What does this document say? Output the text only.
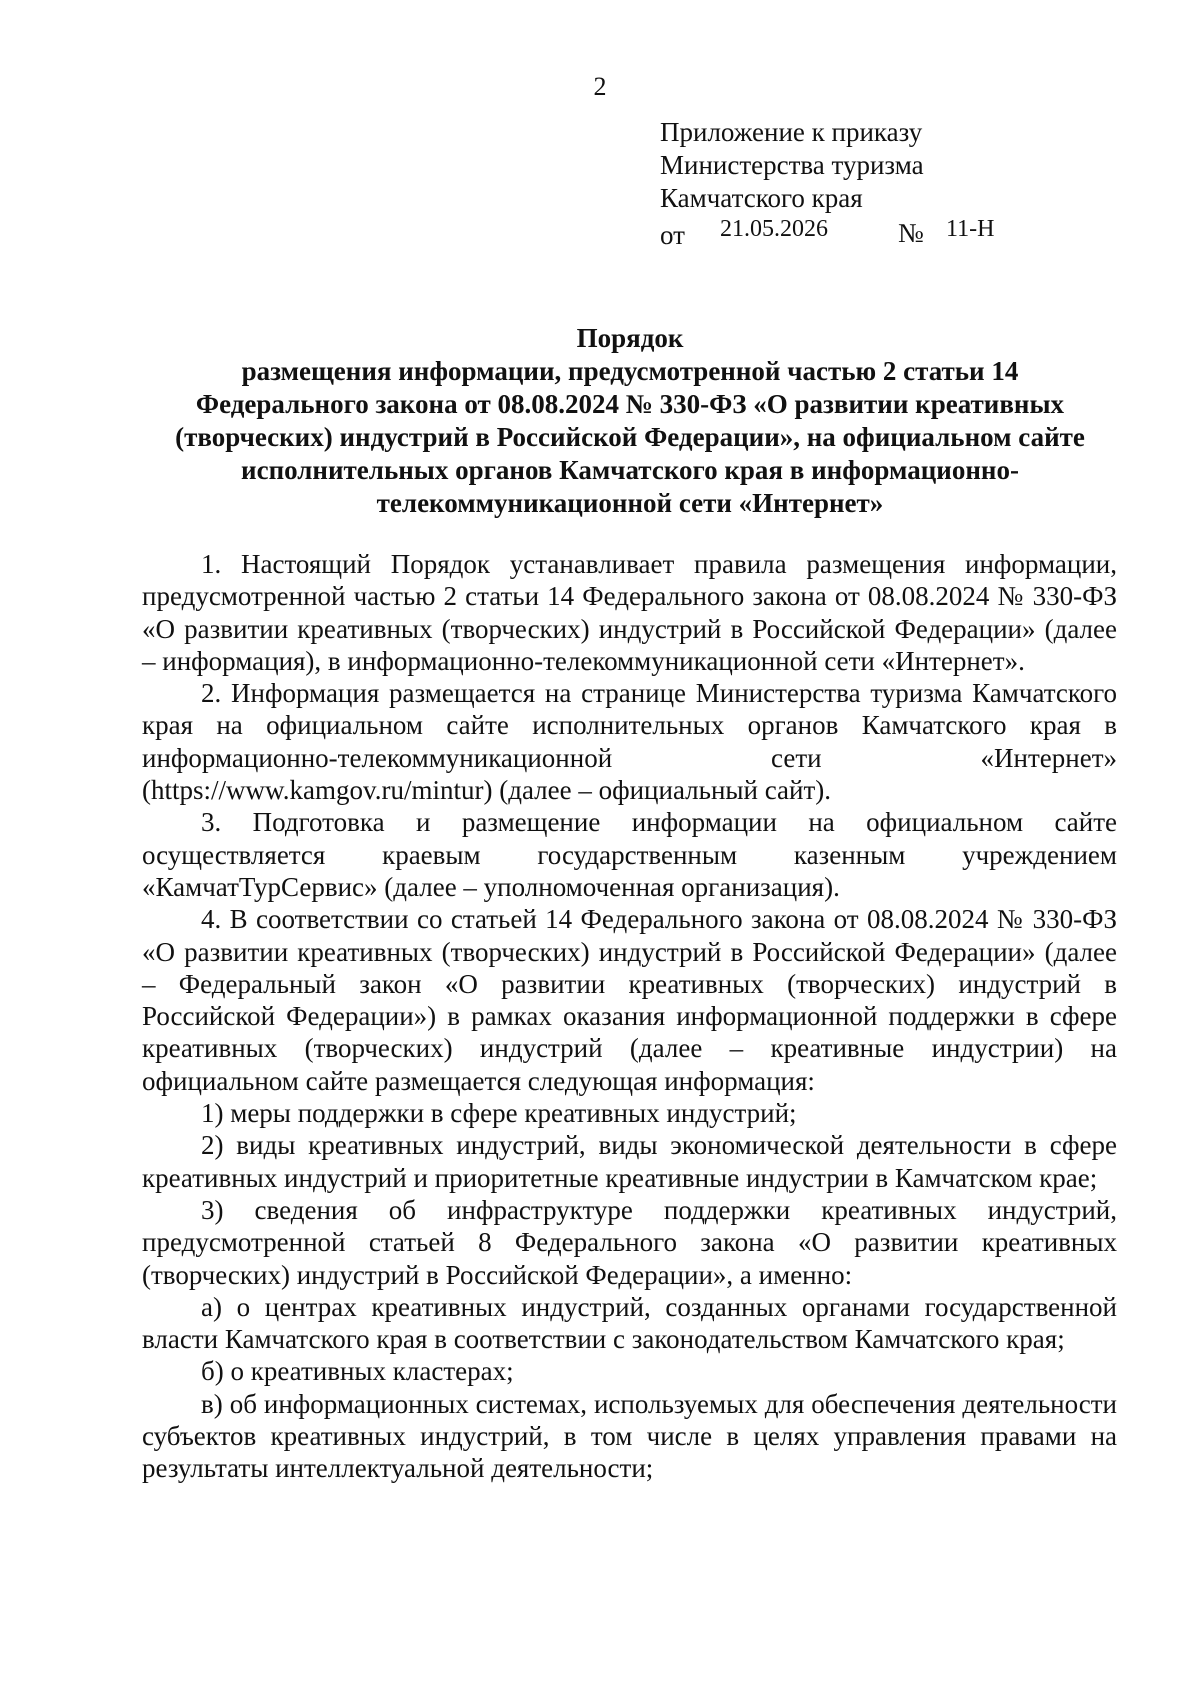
2
Приложение к приказу
Министерства туризма
Камчатского края
от 21.05.2026	№ 11-Н
Порядок
размещения информации, предусмотренной частью 2 статьи 14
Федерального закона от 08.08.2024 № 330-ФЗ «О развитии креативных
(творческих) индустрий в Российской Федерации», на официальном сайте
исполнительных органов Камчатского края в информационно-
телекоммуникационной сети «Интернет»

1. Настоящий Порядок устанавливает правила размещения информации, предусмотренной частью 2 статьи 14 Федерального закона от 08.08.2024 № 330-ФЗ «О развитии креативных (творческих) индустрий в Российской Федерации» (далее – информация), в информационно-телекоммуникационной сети «Интернет».

2. Информация размещается на странице Министерства туризма Камчатского края на официальном сайте исполнительных органов Камчатского края в информационно-телекоммуникационной сети «Интернет» (https://www.kamgov.ru/mintur) (далее – официальный сайт).

3. Подготовка и размещение информации на официальном сайте осуществляется краевым государственным казенным учреждением «КамчатТурСервис» (далее – уполномоченная организация).

4. В соответствии со статьей 14 Федерального закона от 08.08.2024 № 330-ФЗ «О развитии креативных (творческих) индустрий в Российской Федерации» (далее – Федеральный закон «О развитии креативных (творческих) индустрий в Российской Федерации») в рамках оказания информационной поддержки в сфере креативных (творческих) индустрий (далее – креативные индустрии) на официальном сайте размещается следующая информация:

1) меры поддержки в сфере креативных индустрий;

2) виды креативных индустрий, виды экономической деятельности в сфере креативных индустрий и приоритетные креативные индустрии в Камчатском крае;

3) сведения об инфраструктуре поддержки креативных индустрий, предусмотренной статьей 8 Федерального закона «О развитии креативных (творческих) индустрий в Российской Федерации», а именно:

а) о центрах креативных индустрий, созданных органами государственной власти Камчатского края в соответствии с законодательством Камчатского края;

б) о креативных кластерах;

в) об информационных системах, используемых для обеспечения деятельности субъектов креативных индустрий, в том числе в целях управления правами на результаты интеллектуальной деятельности;
